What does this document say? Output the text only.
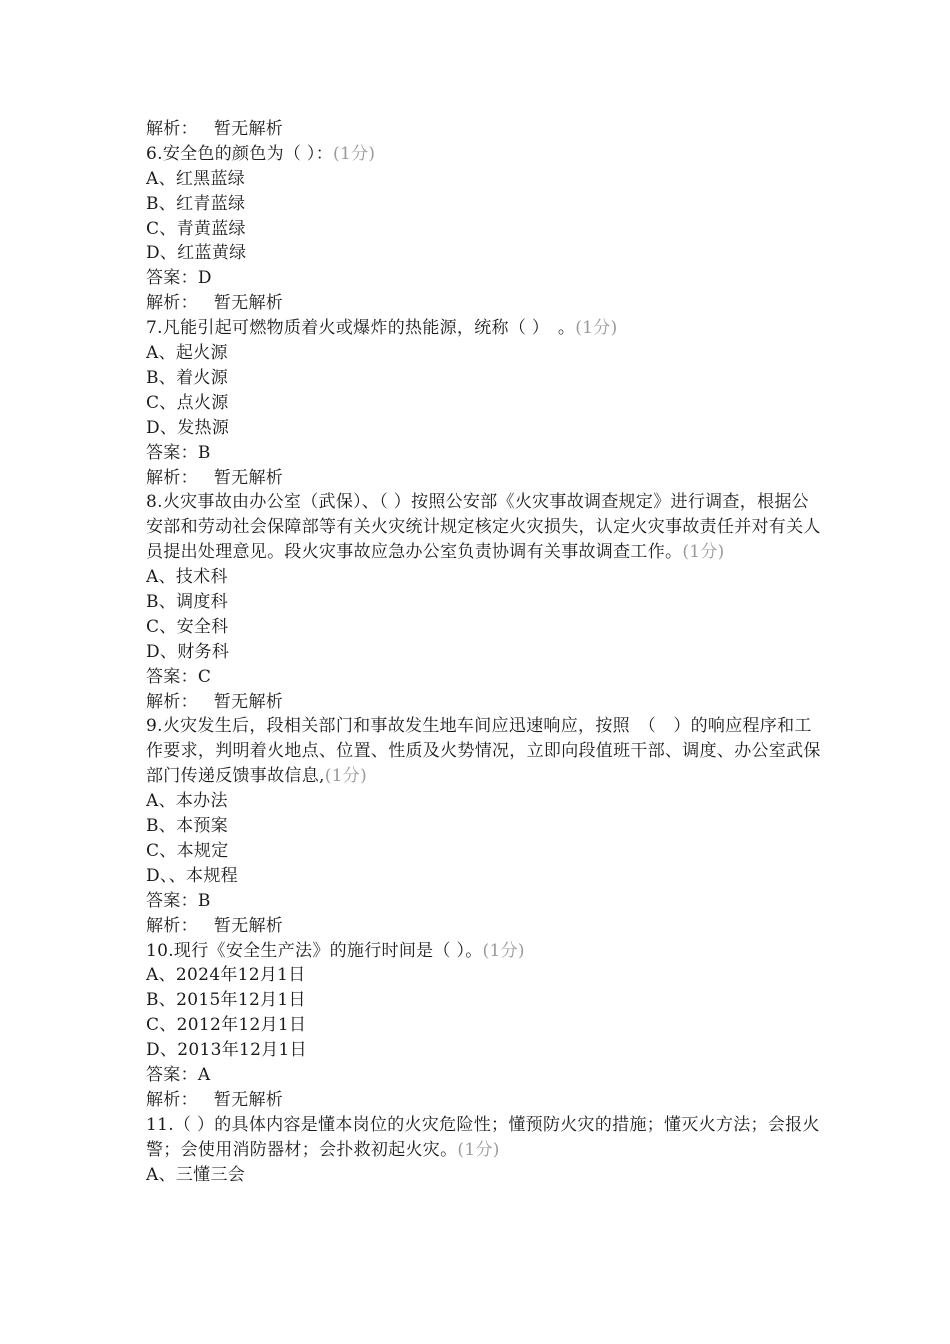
解析： 暂无解析
6.安全色的颜色为（ ）：(1分)
A、红黑蓝绿
B、红青蓝绿
C、青黄蓝绿
D、红蓝黄绿
答案：D
解析： 暂无解析
7.凡能引起可燃物质着火或爆炸的热能源，统称（ ）　。(1分)
A、起火源
B、着火源
C、点火源
D、发热源
答案：B
解析： 暂无解析
8.火灾事故由办公室（武保）、（ ）按照公安部《火灾事故调查规定》进行调查，根据公安部和劳动社会保障部等有关火灾统计规定核定火灾损失，认定火灾事故责任并对有关人员提出处理意见。段火灾事故应急办公室负责协调有关事故调查工作。(1分)
A、技术科
B、调度科
C、安全科
D、财务科
答案：C
解析： 暂无解析
9.火灾发生后，段相关部门和事故发生地车间应迅速响应，按照　（　）的响应程序和工作要求，判明着火地点、位置、性质及火势情况，立即向段值班干部、调度、办公室武保部门传递反馈事故信息,(1分)
A、本办法
B、本预案
C、本规定
D、、本规程
答案：B
解析： 暂无解析
10.现行《安全生产法》的施行时间是（ ）。(1分)
A、2024年12月1日
B、2015年12月1日
C、2012年12月1日
D、2013年12月1日
答案：A
解析： 暂无解析
11.（ ）的具体内容是懂本岗位的火灾危险性；懂预防火灾的措施；懂灭火方法；会报火警；会使用消防器材；会扑救初起火灾。(1分)
A、三懂三会
